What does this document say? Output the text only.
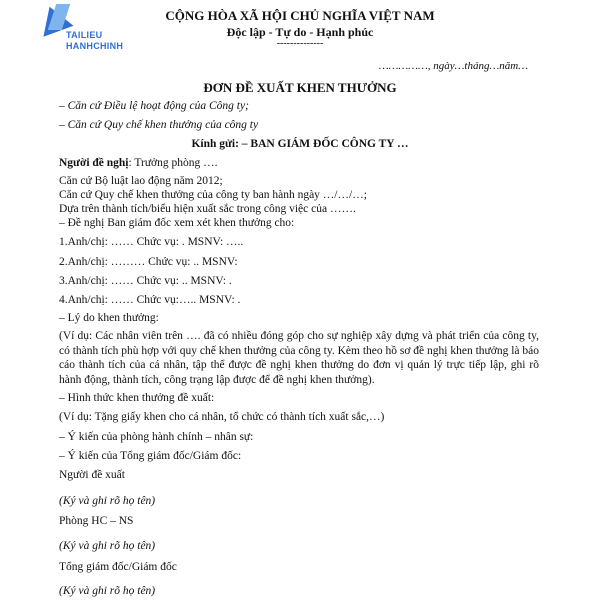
TAILIEU
HANHCHINH
CỘNG HÒA XÃ HỘI CHỦ NGHĨA VIỆT NAM
Độc lập - Tự do - Hạnh phúc
--------------
……………, ngày…tháng…năm…
ĐƠN ĐỀ XUẤT KHEN THƯỞNG
– Căn cứ Điều lệ hoạt động của Công ty;
– Căn cứ Quy chế khen thưởng của công ty
Kính gửi: – BAN GIÁM ĐỐC CÔNG TY …
Người đề nghị: Trưởng phòng ….
Căn cứ Bộ luật lao động năm 2012;
Căn cứ Quy chế khen thưởng của công ty ban hành ngày …/…/…;
Dựa trên thành tích/biểu hiện xuất sắc trong công việc của …….
– Đề nghị Ban giám đốc xem xét khen thưởng cho:
1.Anh/chị: …… Chức vụ: . MSNV: …..
2.Anh/chị: ……… Chức vụ: .. MSNV:
3.Anh/chị: …… Chức vụ: .. MSNV: .
4.Anh/chị: …… Chức vụ:….. MSNV: .
– Lý do khen thưởng:
(Ví dụ: Các nhân viên trên …. đã có nhiều đóng góp cho sự nghiệp xây dựng và phát triển của công ty, có thành tích phù hợp với quy chế khen thưởng của công ty. Kèm theo hồ sơ đề nghị khen thưởng là báo cáo thành tích của cá nhân, tập thể được đề nghị khen thưởng do đơn vị quản lý trực tiếp lập, ghi rõ hành động, thành tích, công trạng lập được để đề nghị khen thưởng).
– Hình thức khen thưởng đề xuất:
(Ví dụ: Tặng giấy khen cho cá nhân, tổ chức có thành tích xuất sắc,…)
– Ý kiến của phòng hành chính – nhân sự:
– Ý kiến của Tổng giám đốc/Giám đốc:
Người đề xuất
(Ký và ghi rõ họ tên)
Phòng HC – NS
(Ký và ghi rõ họ tên)
Tổng giám đốc/Giám đốc
(Ký và ghi rõ họ tên)
